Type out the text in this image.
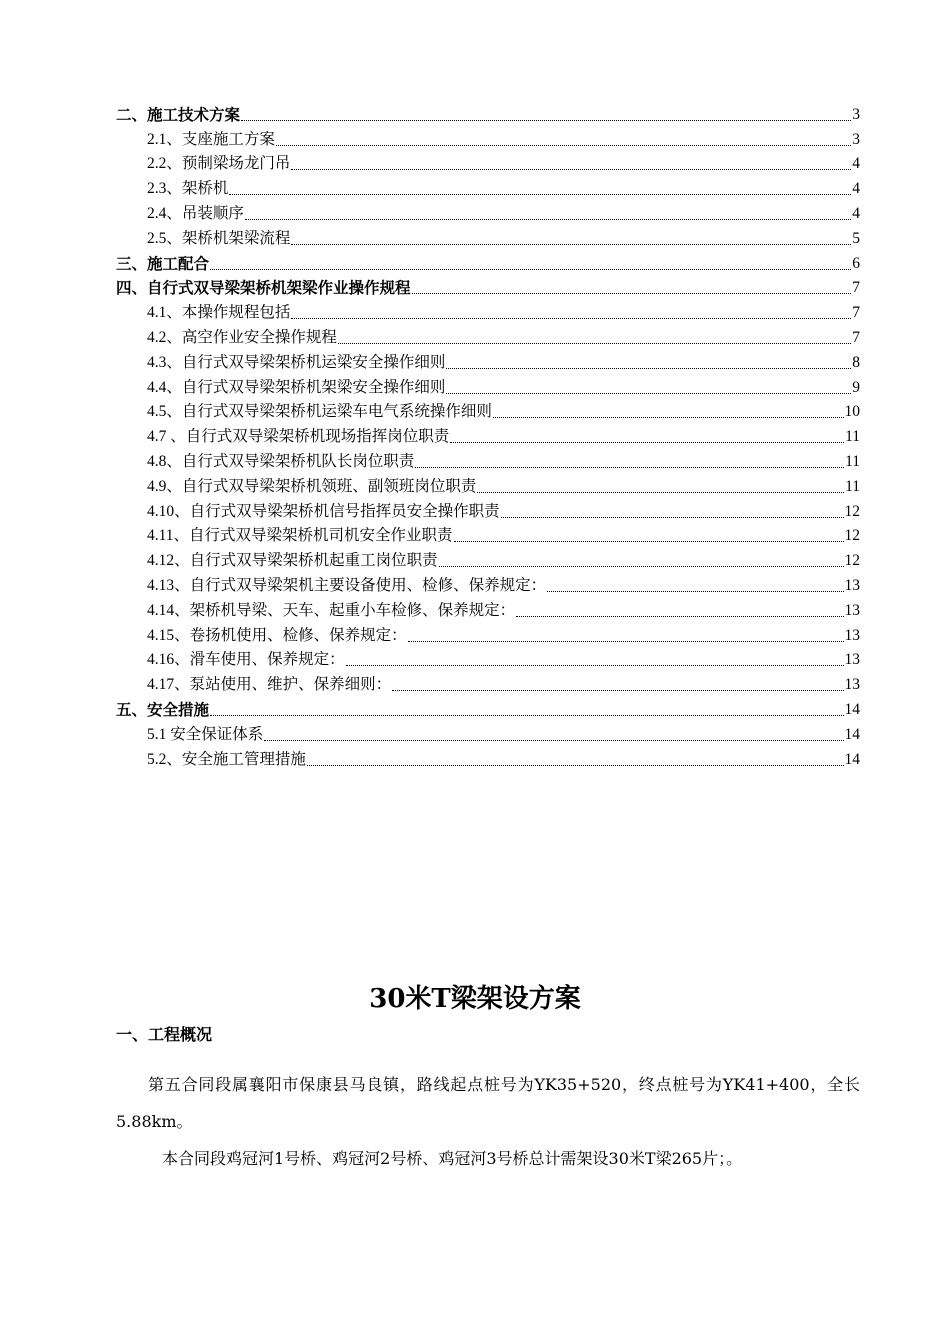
二、施工技术方案	3
2.1、支座施工方案	3
2.2、预制梁场龙门吊	4
2.3、架桥机	4
2.4、吊装顺序	4
2.5、架桥机架梁流程	5
三、施工配合	6
四、自行式双导梁架桥机架梁作业操作规程	7
4.1、本操作规程包括	7
4.2、高空作业安全操作规程	7
4.3、自行式双导梁架桥机运梁安全操作细则	8
4.4、自行式双导梁架桥机架梁安全操作细则	9
4.5、自行式双导梁架桥机运梁车电气系统操作细则	10
4.7 、自行式双导梁架桥机现场指挥岗位职责	11
4.8、自行式双导梁架桥机队长岗位职责	11
4.9、自行式双导梁架桥机领班、副领班岗位职责	11
4.10、自行式双导梁架桥机信号指挥员安全操作职责	12
4.11、自行式双导梁架桥机司机安全作业职责	12
4.12、自行式双导梁架桥机起重工岗位职责	12
4.13、自行式双导梁架机主要设备使用、检修、保养规定：	13
4.14、架桥机导梁、天车、起重小车检修、保养规定：	13
4.15、卷扬机使用、检修、保养规定：	13
4.16、滑车使用、保养规定：	13
4.17、泵站使用、维护、保养细则：	13
五、安全措施	14
5.1 安全保证体系	14
5.2、安全施工管理措施	14
30米T梁架设方案
一、工程概况
第五合同段属襄阳市保康县马良镇，路线起点桩号为YK35+520，终点桩号为YK41+400，全长5.88km。
本合同段鸡冠河1号桥、鸡冠河2号桥、鸡冠河3号桥总计需架设30米T梁265片；。
